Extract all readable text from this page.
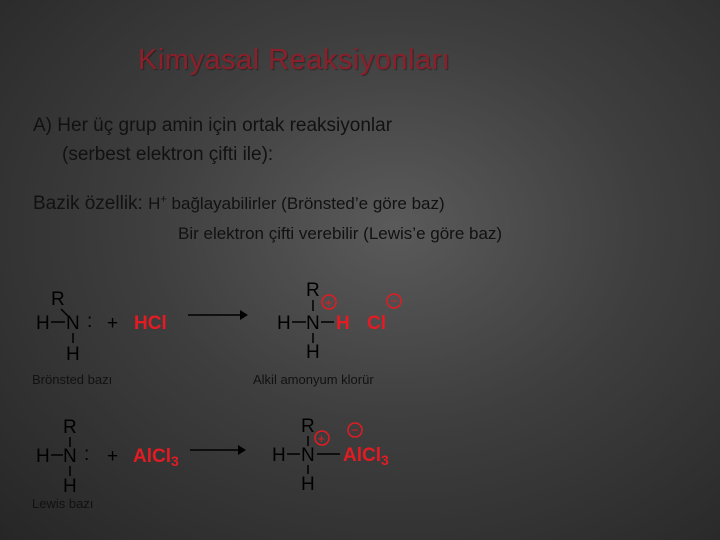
Kimyasal Reaksiyonları
A) Her üç grup amin için ortak reaksiyonlar
(serbest elektron çifti ile):
Bazik özellik: H+ bağlayabilirler (Brönsted’e göre baz)
Bir elektron çifti verebilir (Lewis’e göre baz)
R
H N :
H
+ HCl
R
+
H N H
H
Cl
−
R
H N :
H
+ AlCl$_3$
R
+
H N
H
−
AlCl$_3$
Brönsted bazı	Alkil amonyum klorür
Lewis bazı
